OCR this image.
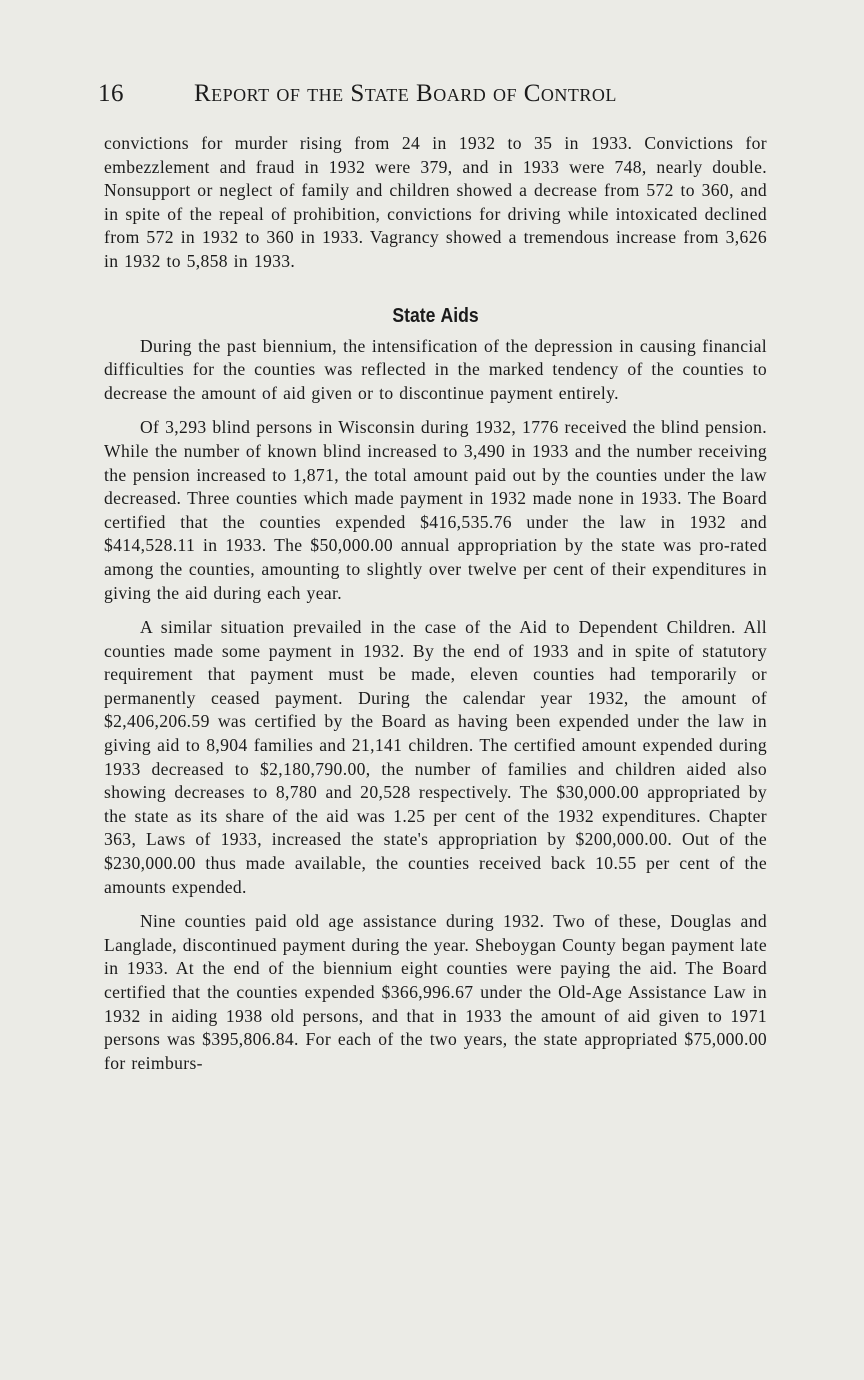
16	Report of the State Board of Control

convictions for murder rising from 24 in 1932 to 35 in 1933. Convictions for embezzlement and fraud in 1932 were 379, and in 1933 were 748, nearly double. Nonsupport or neglect of family and children showed a decrease from 572 to 360, and in spite of the repeal of prohibition, convictions for driving while intoxicated declined from 572 in 1932 to 360 in 1933. Vagrancy showed a tremendous increase from 3,626 in 1932 to 5,858 in 1933.

State Aids

During the past biennium, the intensification of the depression in causing financial difficulties for the counties was reflected in the marked tendency of the counties to decrease the amount of aid given or to discontinue payment entirely.

Of 3,293 blind persons in Wisconsin during 1932, 1776 received the blind pension. While the number of known blind increased to 3,490 in 1933 and the number receiving the pension increased to 1,871, the total amount paid out by the counties under the law decreased. Three counties which made payment in 1932 made none in 1933. The Board certified that the counties expended $416,535.76 under the law in 1932 and $414,528.11 in 1933. The $50,000.00 annual appropriation by the state was pro-rated among the counties, amounting to slightly over twelve per cent of their expenditures in giving the aid during each year.

A similar situation prevailed in the case of the Aid to Dependent Children. All counties made some payment in 1932. By the end of 1933 and in spite of statutory requirement that payment must be made, eleven counties had temporarily or permanently ceased payment. During the calendar year 1932, the amount of $2,406,206.59 was certified by the Board as having been expended under the law in giving aid to 8,904 families and 21,141 children. The certified amount expended during 1933 decreased to $2,180,790.00, the number of families and children aided also showing decreases to 8,780 and 20,528 respectively. The $30,000.00 appropriated by the state as its share of the aid was 1.25 per cent of the 1932 expenditures. Chapter 363, Laws of 1933, increased the state's appropriation by $200,000.00. Out of the $230,000.00 thus made available, the counties received back 10.55 per cent of the amounts expended.

Nine counties paid old age assistance during 1932. Two of these, Douglas and Langlade, discontinued payment during the year. Sheboygan County began payment late in 1933. At the end of the biennium eight counties were paying the aid. The Board certified that the counties expended $366,996.67 under the Old-Age Assistance Law in 1932 in aiding 1938 old persons, and that in 1933 the amount of aid given to 1971 persons was $395,806.84. For each of the two years, the state appropriated $75,000.00 for reimburs-
